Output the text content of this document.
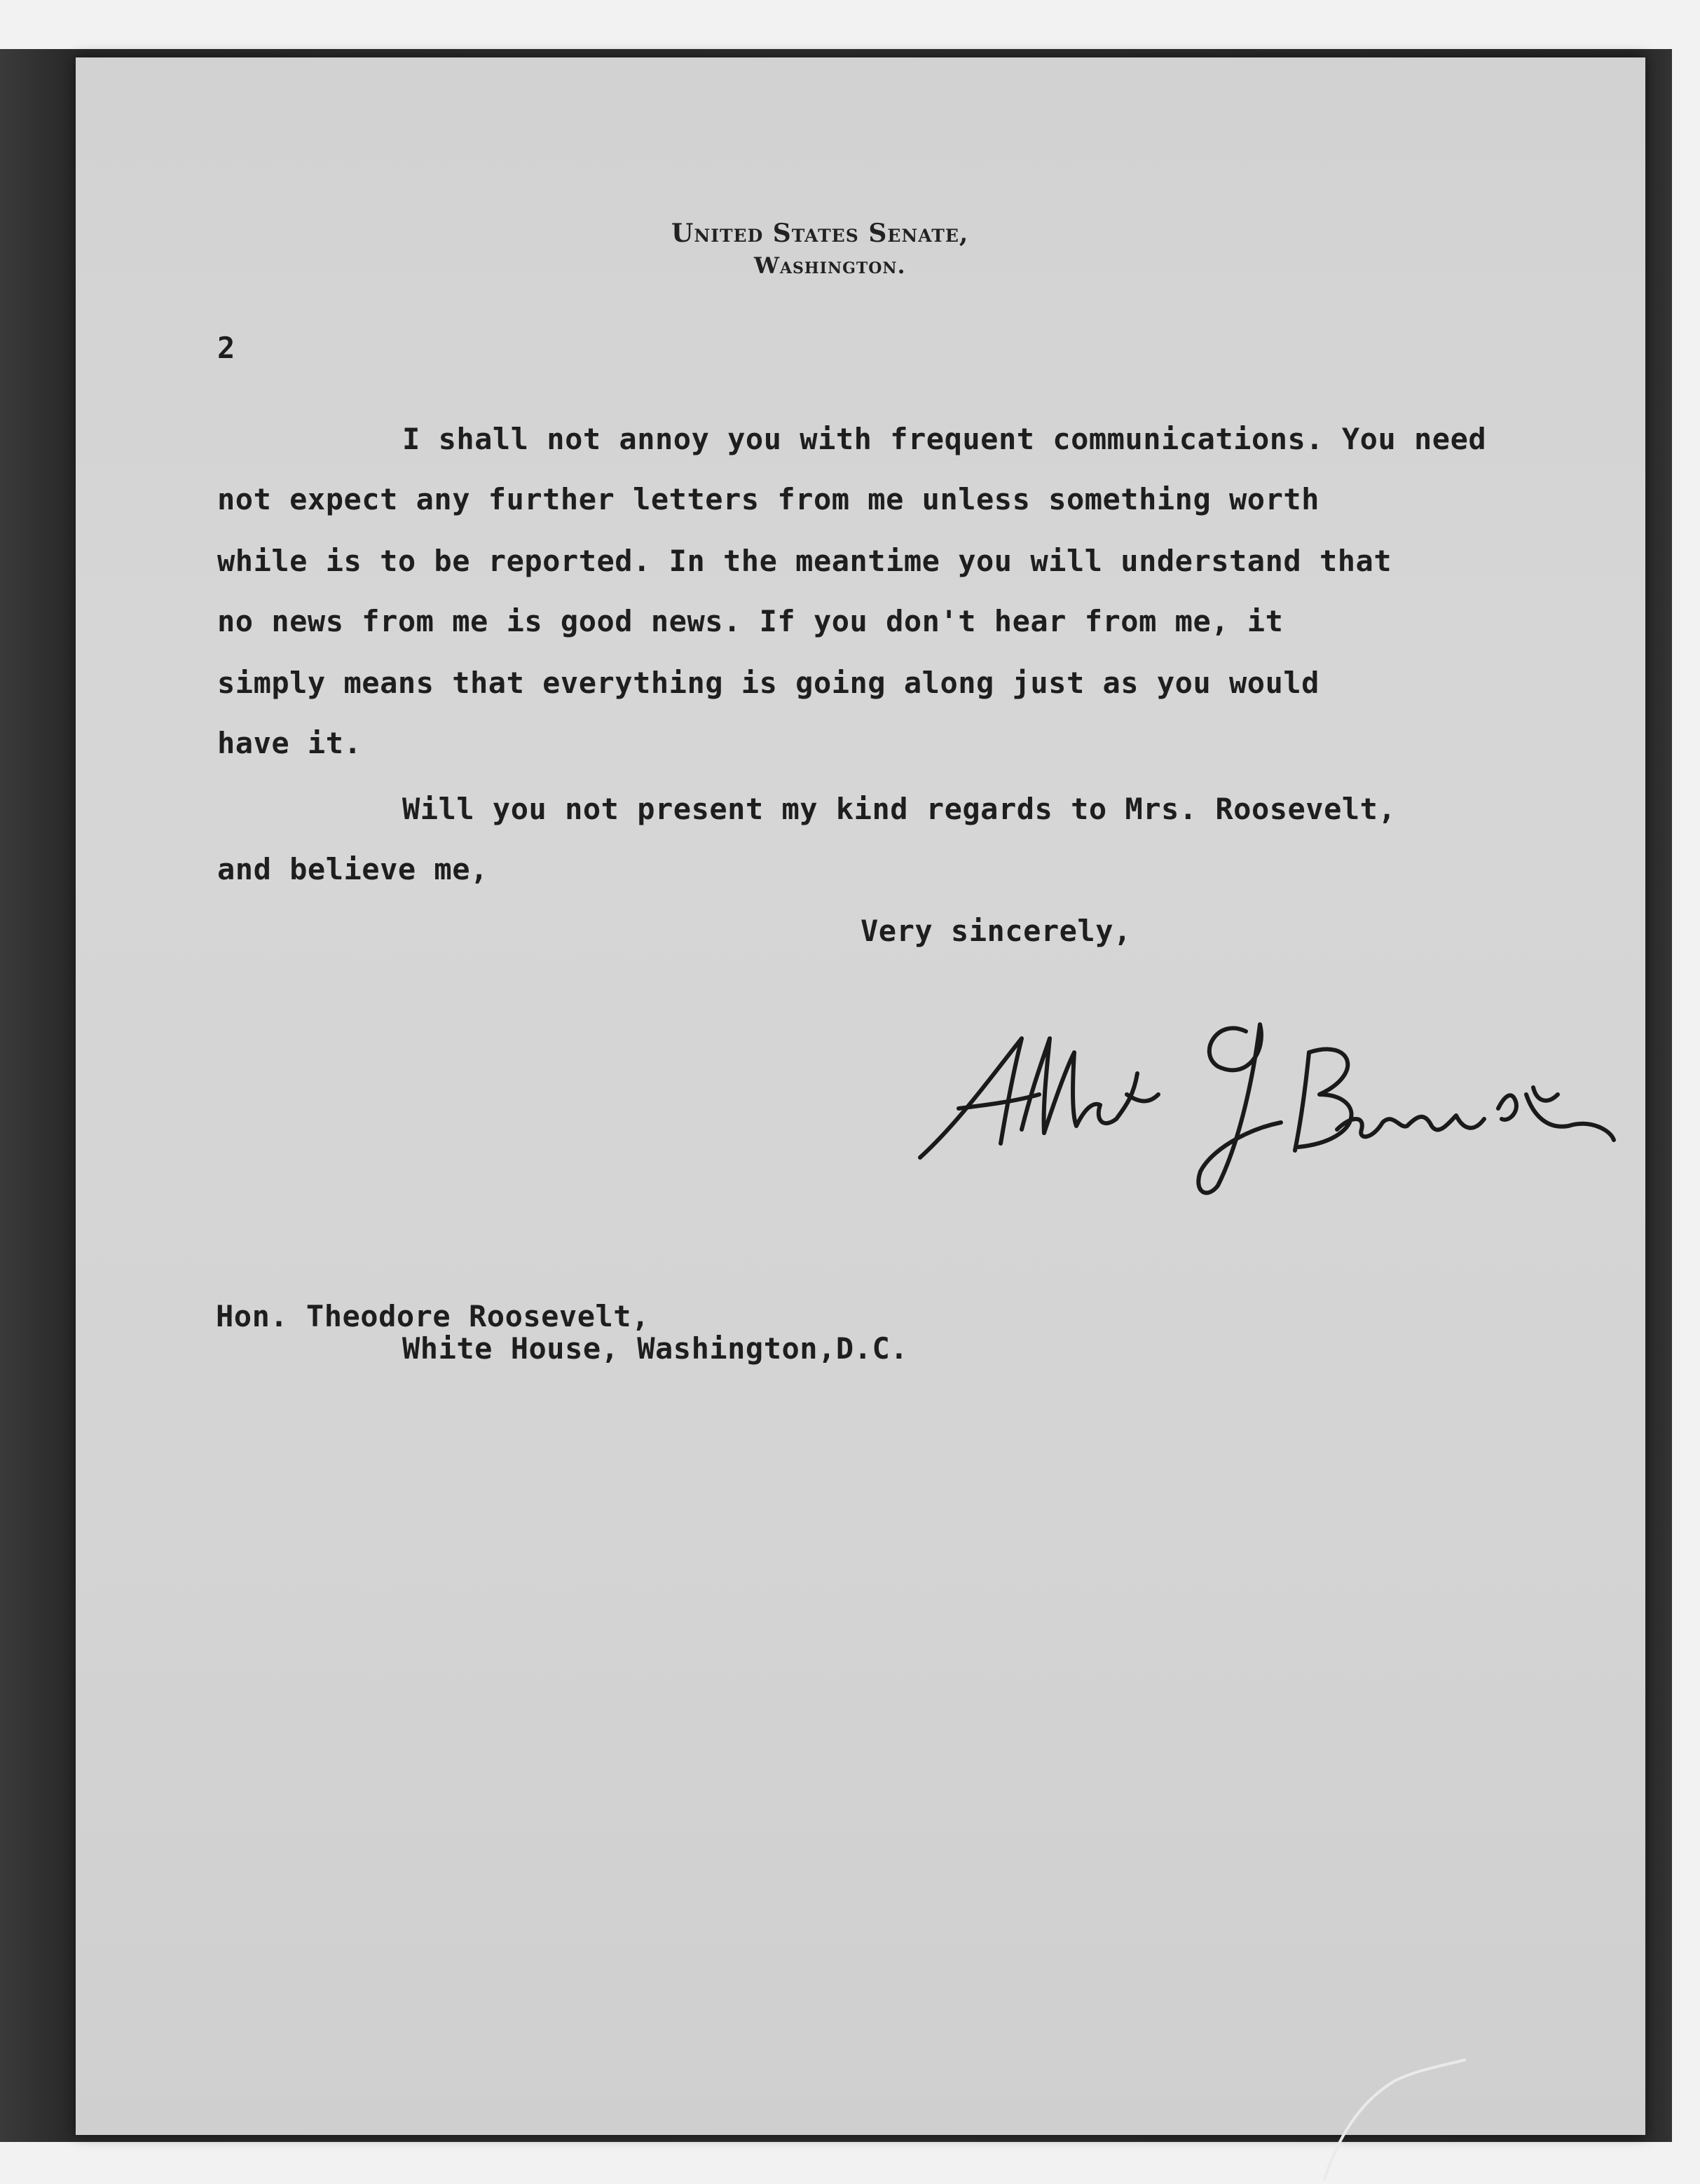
United States Senate,
Washington.
2
I shall not annoy you with frequent communications. You need
not expect any further letters from me unless something worth
while is to be reported. In the meantime you will understand that
no news from me is good news. If you don't hear from me, it
simply means that everything is going along just as you would
have it.
Will you not present my kind regards to Mrs. Roosevelt,
and believe me,
Very sincerely,
Hon. Theodore Roosevelt,
White House, Washington,D.C.
